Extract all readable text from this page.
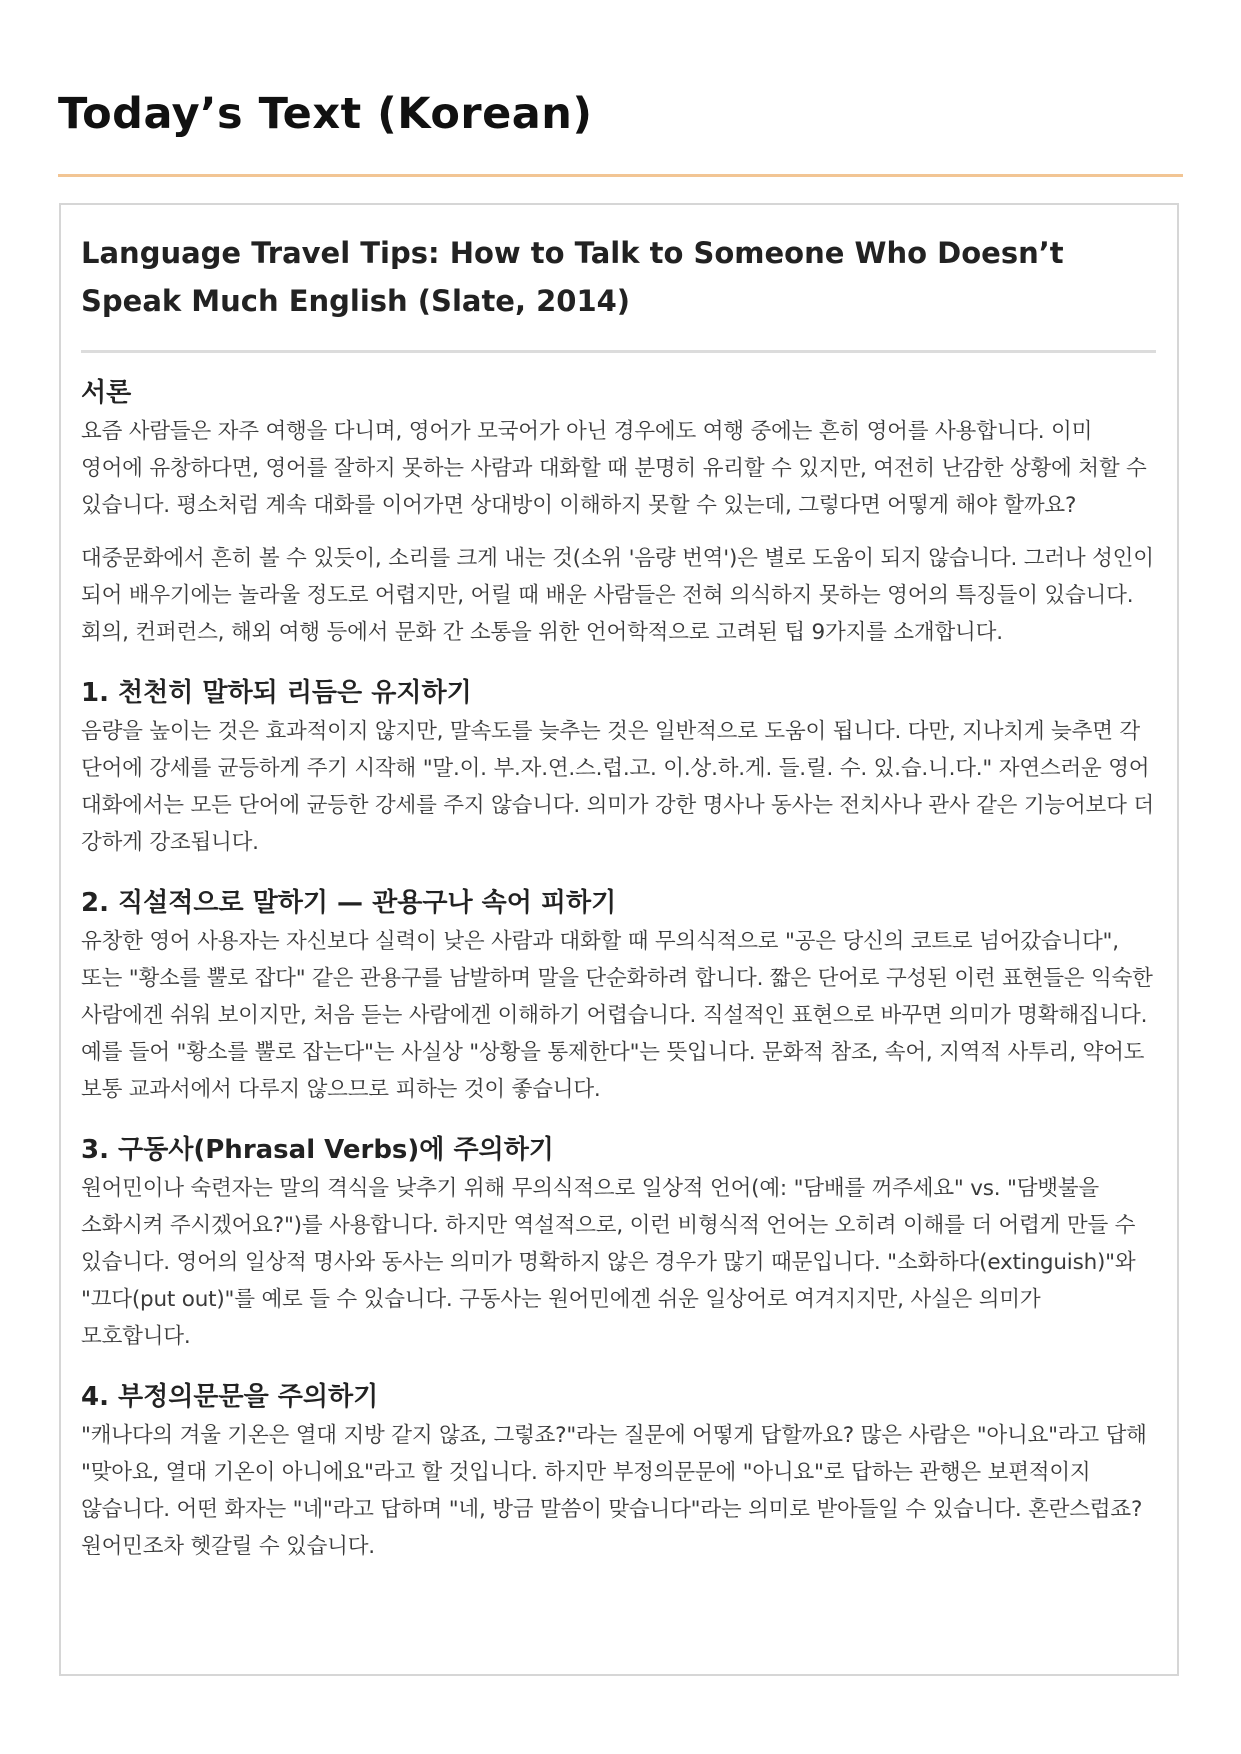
Today’s Text (Korean)
Language Travel Tips: How to Talk to Someone Who Doesn’t Speak Much English (Slate, 2014)
서론

요즘 사람들은 자주 여행을 다니며, 영어가 모국어가 아닌 경우에도 여행 중에는 흔히 영어를 사용합니다. 이미 영어에 유창하다면, 영어를 잘하지 못하는 사람과 대화할 때 분명히 유리할 수 있지만, 여전히 난감한 상황에 처할 수 있습니다. 평소처럼 계속 대화를 이어가면 상대방이 이해하지 못할 수 있는데, 그렇다면 어떻게 해야 할까요?

대중문화에서 흔히 볼 수 있듯이, 소리를 크게 내는 것(소위 '음량 번역')은 별로 도움이 되지 않습니다. 그러나 성인이 되어 배우기에는 놀라울 정도로 어렵지만, 어릴 때 배운 사람들은 전혀 의식하지 못하는 영어의 특징들이 있습니다. 회의, 컨퍼런스, 해외 여행 등에서 문화 간 소통을 위한 언어학적으로 고려된 팁 9가지를 소개합니다.

1. 천천히 말하되 리듬은 유지하기

음량을 높이는 것은 효과적이지 않지만, 말속도를 늦추는 것은 일반적으로 도움이 됩니다. 다만, 지나치게 늦추면 각 단어에 강세를 균등하게 주기 시작해 "말.이. 부.자.연.스.럽.고. 이.상.하.게. 들.릴. 수. 있.습.니.다." 자연스러운 영어 대화에서는 모든 단어에 균등한 강세를 주지 않습니다. 의미가 강한 명사나 동사는 전치사나 관사 같은 기능어보다 더 강하게 강조됩니다.

2. 직설적으로 말하기 — 관용구나 속어 피하기

유창한 영어 사용자는 자신보다 실력이 낮은 사람과 대화할 때 무의식적으로 "공은 당신의 코트로 넘어갔습니다", 또는 "황소를 뿔로 잡다" 같은 관용구를 남발하며 말을 단순화하려 합니다. 짧은 단어로 구성된 이런 표현들은 익숙한 사람에겐 쉬워 보이지만, 처음 듣는 사람에겐 이해하기 어렵습니다. 직설적인 표현으로 바꾸면 의미가 명확해집니다. 예를 들어 "황소를 뿔로 잡는다"는 사실상 "상황을 통제한다"는 뜻입니다. 문화적 참조, 속어, 지역적 사투리, 약어도 보통 교과서에서 다루지 않으므로 피하는 것이 좋습니다.

3. 구동사(Phrasal Verbs)에 주의하기

원어민이나 숙련자는 말의 격식을 낮추기 위해 무의식적으로 일상적 언어(예: "담배를 꺼주세요" vs. "담뱃불을 소화시켜 주시겠어요?")를 사용합니다. 하지만 역설적으로, 이런 비형식적 언어는 오히려 이해를 더 어렵게 만들 수 있습니다. 영어의 일상적 명사와 동사는 의미가 명확하지 않은 경우가 많기 때문입니다. "소화하다(extinguish)"와 "끄다(put out)"를 예로 들 수 있습니다. 구동사는 원어민에겐 쉬운 일상어로 여겨지지만, 사실은 의미가 모호합니다.

4. 부정의문문을 주의하기

"캐나다의 겨울 기온은 열대 지방 같지 않죠, 그렇죠?"라는 질문에 어떻게 답할까요? 많은 사람은 "아니요"라고 답해 "맞아요, 열대 기온이 아니에요"라고 할 것입니다. 하지만 부정의문문에 "아니요"로 답하는 관행은 보편적이지 않습니다. 어떤 화자는 "네"라고 답하며 "네, 방금 말씀이 맞습니다"라는 의미로 받아들일 수 있습니다. 혼란스럽죠? 원어민조차 헷갈릴 수 있습니다.
